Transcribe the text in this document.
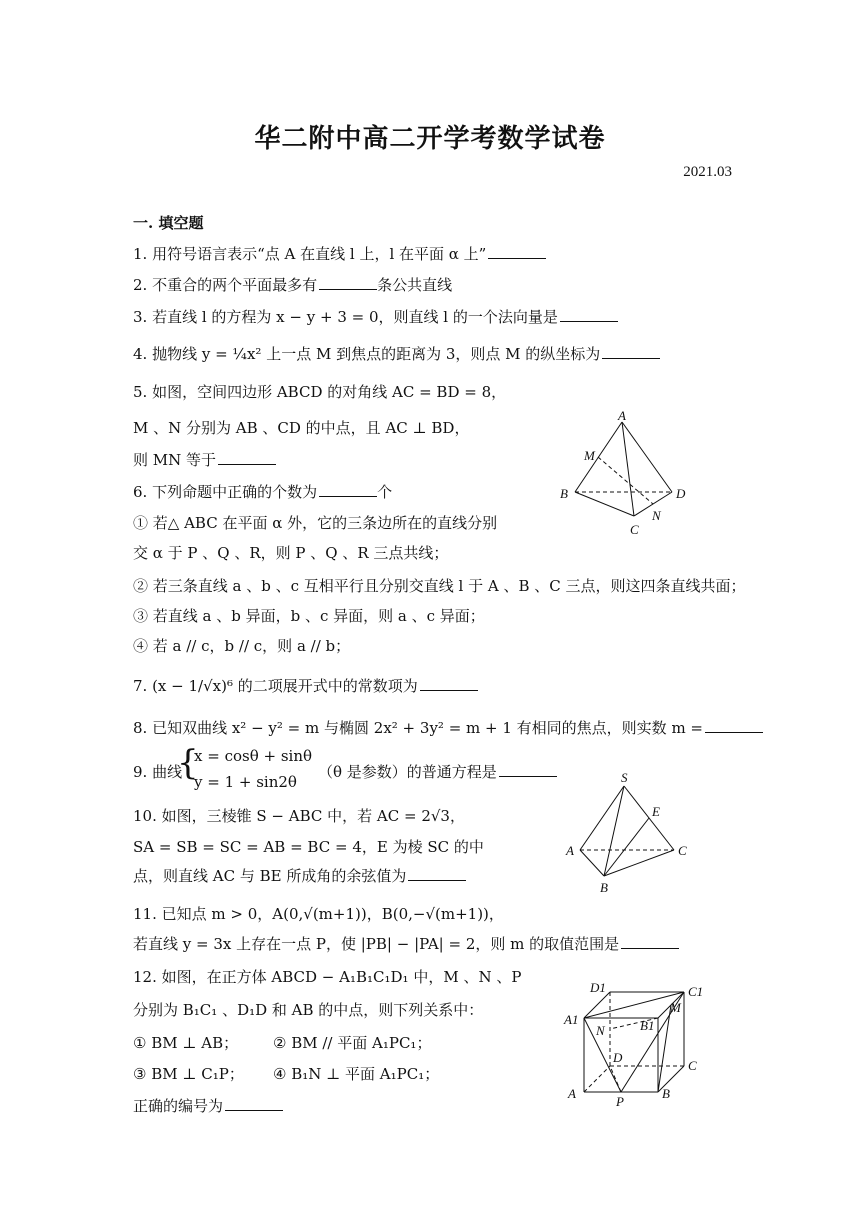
华二附中高二开学考数学试卷
2021.03
一. 填空题
1. 用符号语言表示“点 A 在直线 l 上，l 在平面 α 上”
2. 不重合的两个平面最多有	条公共直线
3. 若直线 l 的方程为 x − y + 3 = 0，则直线 l 的一个法向量是
4. 抛物线 y = ¼x² 上一点 M 到焦点的距离为 3，则点 M 的纵坐标为
5. 如图，空间四边形 ABCD 的对角线 AC = BD = 8，
M 、N 分别为 AB 、CD 的中点，且 AC ⊥ BD，
则 MN 等于
6. 下列命题中正确的个数为	个
① 若△ ABC 在平面 α 外，它的三条边所在的直线分别
交 α 于 P 、Q 、R，则 P 、Q 、R 三点共线；
② 若三条直线 a 、b 、c 互相平行且分别交直线 l 于 A 、B 、C 三点，则这四条直线共面；
③ 若直线 a 、b 异面，b 、c 异面，则 a 、c 异面；
④ 若 a // c，b // c，则 a // b；
7. (x − 1/√x)⁶ 的二项展开式中的常数项为
8. 已知双曲线 x² − y² = m 与椭圆 2x² + 3y² = m + 1 有相同的焦点，则实数 m =
9. 曲线
{
x = cosθ + sinθ
y = 1 + sin2θ
（θ 是参数）的普通方程是
10. 如图，三棱锥 S − ABC 中，若 AC = 2√3，
SA = SB = SC = AB = BC = 4，E 为棱 SC 的中
点，则直线 AC 与 BE 所成角的余弦值为
11. 已知点 m > 0，A(0,√(m+1))，B(0,−√(m+1))，
若直线 y = 3x 上存在一点 P，使 |PB| − |PA| = 2，则 m 的取值范围是
12. 如图，在正方体 ABCD − A₁B₁C₁D₁ 中，M 、N 、P
分别为 B₁C₁ 、D₁D 和 AB 的中点，则下列关系中：
① BM ⊥ AB； ② BM // 平面 A₁PC₁；
③ BM ⊥ C₁P； ④ B₁N ⊥ 平面 A₁PC₁；
正确的编号为
A
M
B	D
N
C
S
E
A	C
B
D1	C1
A1
N	B1
M
D
C
A
P
B
